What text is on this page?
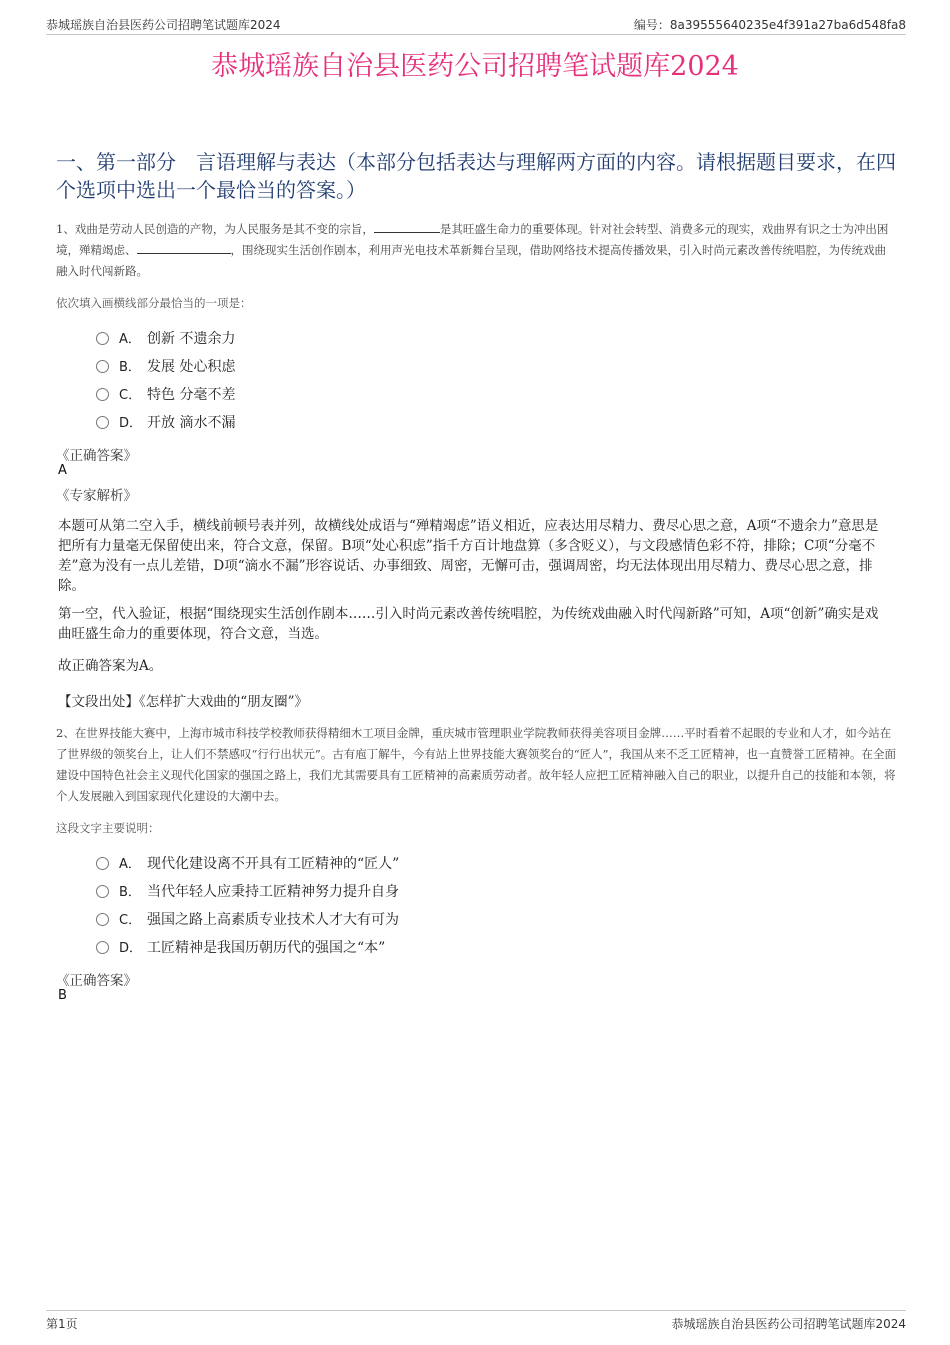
恭城瑶族自治县医药公司招聘笔试题库2024	编号：8a39555640235e4f391a27ba6d548fa8
恭城瑶族自治县医药公司招聘笔试题库2024
一、第一部分　言语理解与表达（本部分包括表达与理解两方面的内容。请根据题目要求，在四个选项中选出一个最恰当的答案。）
1、戏曲是劳动人民创造的产物，为人民服务是其不变的宗旨，	是其旺盛生命力的重要体现。针对社会转型、消费多元的现实，戏曲界有识之士为冲出困境，殚精竭虑、	，围绕现实生活创作剧本，利用声光电技术革新舞台呈现，借助网络技术提高传播效果，引入时尚元素改善传统唱腔，为传统戏曲融入时代闯新路。
依次填入画横线部分最恰当的一项是：
A． 创新 不遗余力
B． 发展 处心积虑
C． 特色 分毫不差
D． 开放 滴水不漏
《正确答案》
A
《专家解析》
本题可从第二空入手，横线前顿号表并列，故横线处成语与“殚精竭虑”语义相近，应表达用尽精力、费尽心思之意，A项“不遗余力”意思是把所有力量毫无保留使出来，符合文意，保留。B项“处心积虑”指千方百计地盘算（多含贬义），与文段感情色彩不符，排除；C项“分毫不差”意为没有一点儿差错，D项“滴水不漏”形容说话、办事细致、周密，无懈可击，强调周密，均无法体现出用尽精力、费尽心思之意，排除。
第一空，代入验证，根据“围绕现实生活创作剧本……引入时尚元素改善传统唱腔，为传统戏曲融入时代闯新路”可知，A项“创新”确实是戏曲旺盛生命力的重要体现，符合文意，当选。
故正确答案为A。
【文段出处】《怎样扩大戏曲的“朋友圈”》
2、在世界技能大赛中，上海市城市科技学校教师获得精细木工项目金牌，重庆城市管理职业学院教师获得美容项目金牌……平时看着不起眼的专业和人才，如今站在了世界级的领奖台上，让人们不禁感叹“行行出状元”。古有庖丁解牛，今有站上世界技能大赛领奖台的“匠人”，我国从来不乏工匠精神，也一直赞誉工匠精神。在全面建设中国特色社会主义现代化国家的强国之路上，我们尤其需要具有工匠精神的高素质劳动者。故年轻人应把工匠精神融入自己的职业，以提升自己的技能和本领，将个人发展融入到国家现代化建设的大潮中去。
这段文字主要说明：
A． 现代化建设离不开具有工匠精神的“匠人”
B． 当代年轻人应秉持工匠精神努力提升自身
C． 强国之路上高素质专业技术人才大有可为
D． 工匠精神是我国历朝历代的强国之“本”
《正确答案》
B
第1页	恭城瑶族自治县医药公司招聘笔试题库2024
